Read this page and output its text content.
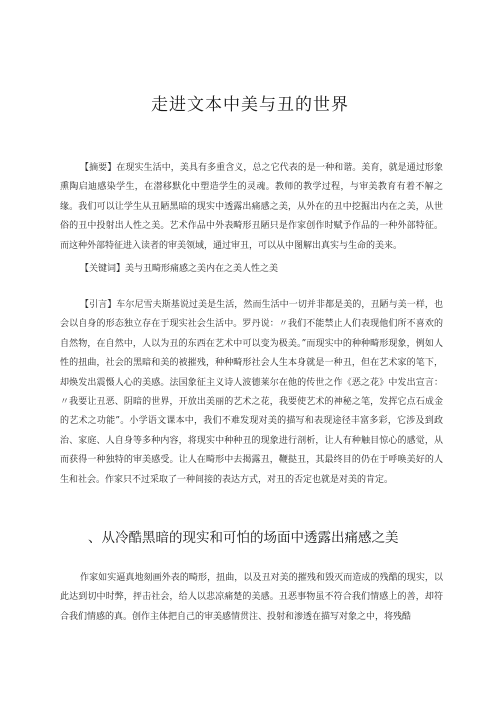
走进文本中美与丑的世界

【摘要】在现实生活中，美具有多重含义，总之它代表的是一种和谐。美育，就是通过形象熏陶启迪感染学生，在潜移默化中塑造学生的灵魂。教师的教学过程，与审美教育有着不解之缘。我们可以让学生从丑陋黑暗的现实中透露出痛感之美，从外在的丑中挖掘出内在之美，从世俗的丑中投射出人性之美。艺术作品中外表畸形丑陋只是作家创作时赋予作品的一种外部特征。而这种外部特征进入读者的审美领域，通过审丑，可以从中图解出真实与生命的美来。

【关键词】美与丑畸形痛感之美内在之美人性之美

【引言】车尔尼雪夫斯基说过美是生活，然而生活中一切并非都是美的，丑陋与美一样，也会以自身的形态独立存在于现实社会生活中。罗丹说：〃我们不能禁止人们表现他们所不喜欢的自然物，在自然中，人以为丑的东西在艺术中可以变为极美。”而现实中的种种畸形现象，例如人性的扭曲，社会的黑暗和美的被摧残，种种畸形社会人生本身就是一种丑，但在艺术家的笔下，却焕发出震慑人心的美感。法国象征主义诗人波德莱尔在他的传世之作《恶之花》中发出宣言：〃我要让丑恶、阴暗的世界，开放出美丽的艺术之花，我要使艺术的神秘之笔，发挥它点石成金的艺术之功能”。小学语文课本中，我们不难发现对美的描写和表现途径丰富多彩，它涉及到政治、家庭、人自身等多种内容，将现实中种种丑的现象进行剖析，让人有种触目惊心的感觉，从而获得一种独特的审美感受。让人在畸形中去揭露丑，鞭挞丑，其最终目的仍在于呼唤美好的人生和社会。作家只不过采取了一种间接的表达方式，对丑的否定也就是对美的肯定。

、从冷酷黑暗的现实和可怕的场面中透露出痛感之美

作家如实逼真地刻画外表的畸形，扭曲，以及丑对美的摧残和毁灭而造成的残酷的现实，以此达到切中时弊，抨击社会，给人以悲凉痛楚的美感。丑恶事物虽不符合我们情感上的善，却符合我们情感的真。创作主体把自己的审美感情贯注、投射和渗透在描写对象之中，将残酷
